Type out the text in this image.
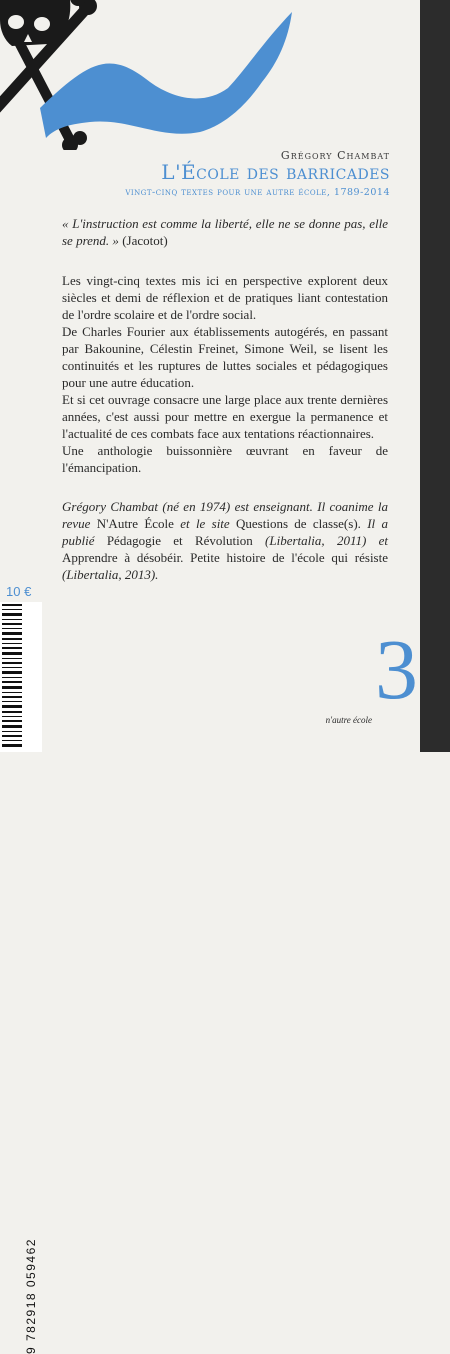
Grégory Chambat
L'École des barricades
vingt-cinq textes pour une autre école, 1789-2014
« L'instruction est comme la liberté, elle ne se donne pas, elle se prend. » (Jacotot)

Les vingt-cinq textes mis ici en perspective explorent deux siècles et demi de réflexion et de pratiques liant contestation de l'ordre scolaire et de l'ordre social.

De Charles Fourier aux établissements autogérés, en passant par Bakounine, Célestin Freinet, Simone Weil, se lisent les continuités et les ruptures de luttes sociales et pédagogiques pour une autre éducation.

Et si cet ouvrage consacre une large place aux trente dernières années, c'est aussi pour mettre en exergue la permanence et l'actualité de ces combats face aux tentations réactionnaires.

Une anthologie buissonnière œuvrant en faveur de l'émancipation.

Grégory Chambat (né en 1974) est enseignant. Il coanime la revue N'Autre École et le site Questions de classe(s). Il a publié Pédagogie et Révolution (Libertalia, 2011) et Apprendre à désobéir. Petite histoire de l'école qui résiste (Libertalia, 2013).
10 €
9 782918 059462
3
n'autre école
